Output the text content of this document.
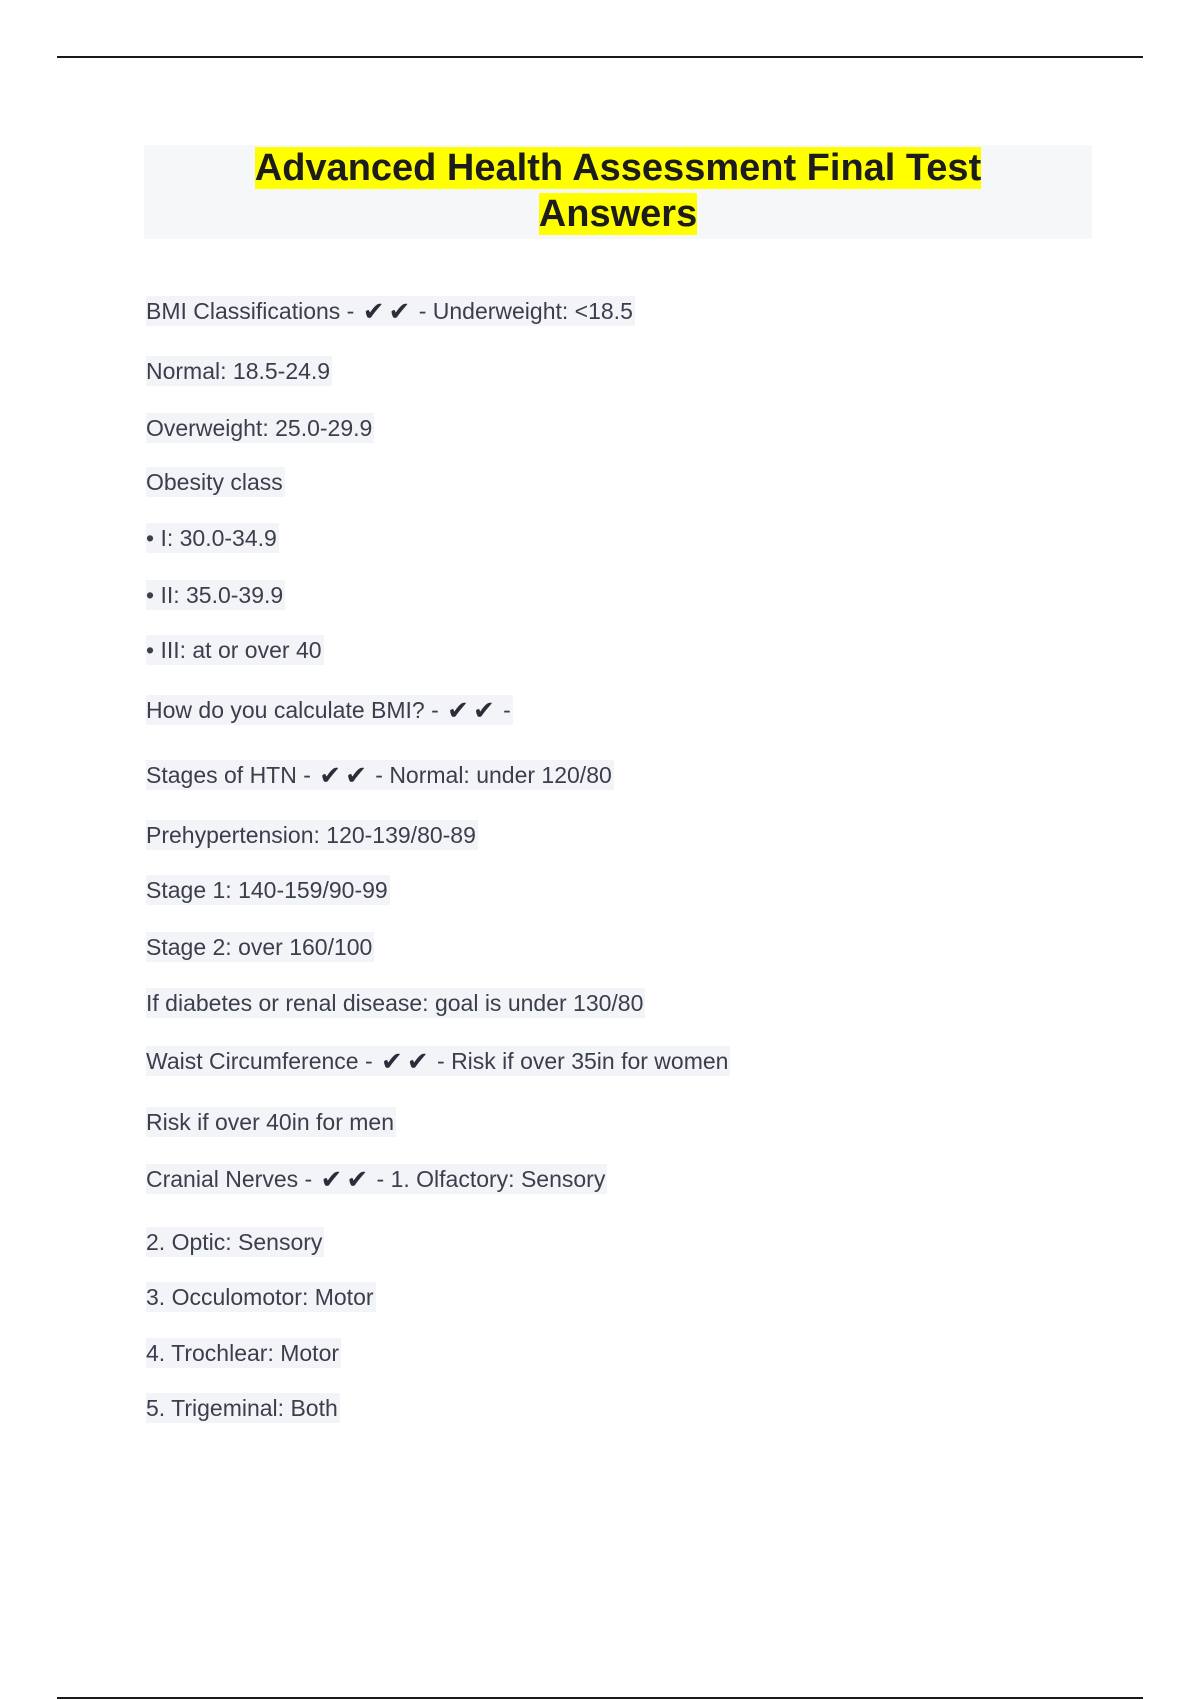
Advanced Health Assessment Final Test
Answers
BMI Classifications - ✔ ✔ - Underweight: <18.5
Normal: 18.5-24.9
Overweight: 25.0-29.9
Obesity class
• I: 30.0-34.9
• II: 35.0-39.9
• III: at or over 40
How do you calculate BMI? - ✔ ✔ -
Stages of HTN - ✔ ✔ - Normal: under 120/80
Prehypertension: 120-139/80-89
Stage 1: 140-159/90-99
Stage 2: over 160/100
If diabetes or renal disease: goal is under 130/80
Waist Circumference - ✔ ✔ - Risk if over 35in for women
Risk if over 40in for men
Cranial Nerves - ✔ ✔ - 1. Olfactory: Sensory
2. Optic: Sensory
3. Occulomotor: Motor
4. Trochlear: Motor
5. Trigeminal: Both
